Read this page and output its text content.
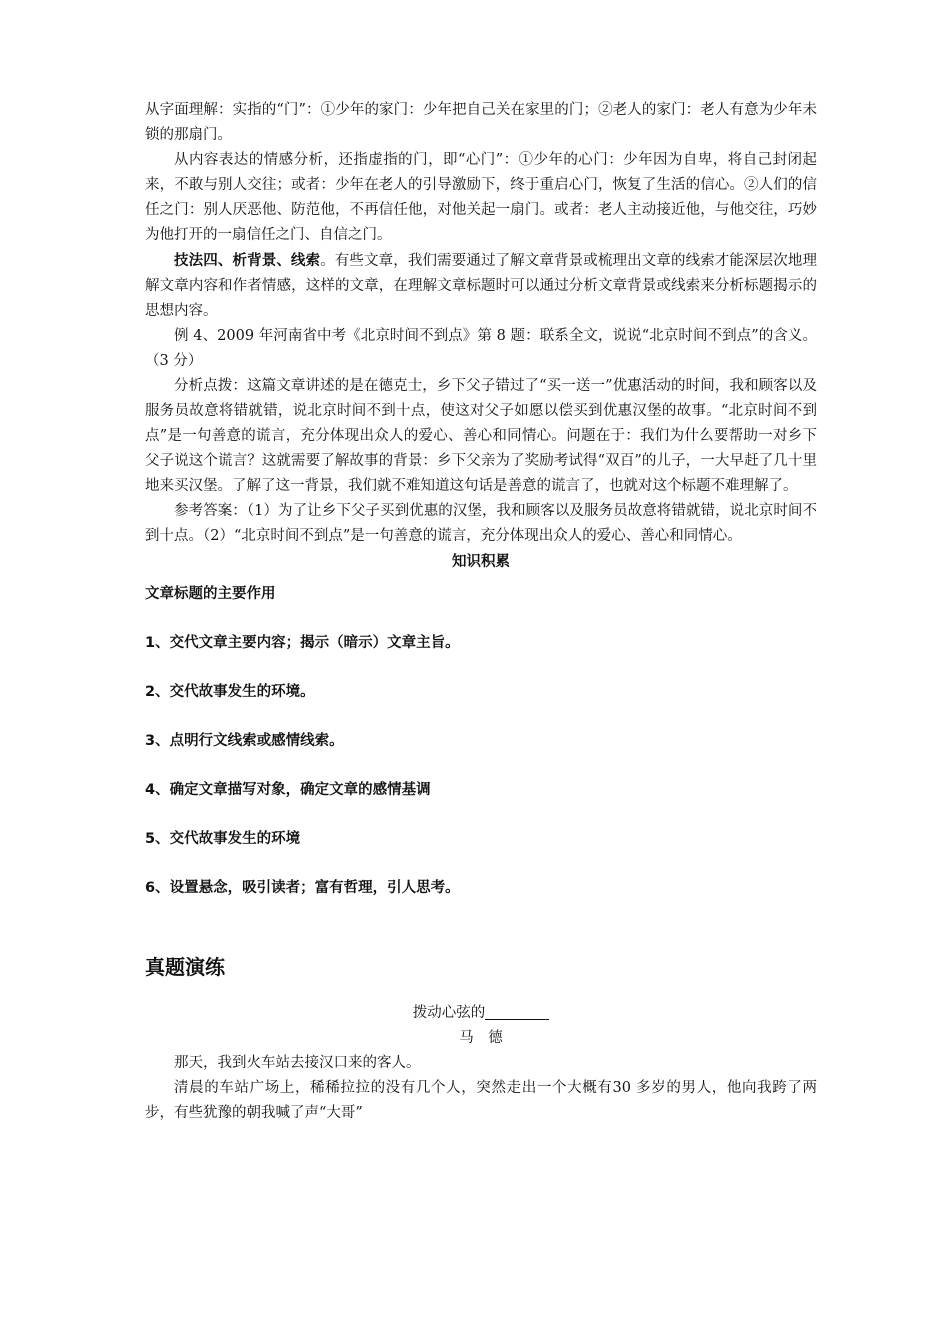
从字面理解：实指的“门”：①少年的家门：少年把自己关在家里的门；②老人的家门：老人有意为少年未锁的那扇门。

从内容表达的情感分析，还指虚指的门，即“心门”：①少年的心门：少年因为自卑，将自己封闭起来，不敢与别人交往；或者：少年在老人的引导激励下，终于重启心门，恢复了生活的信心。②人们的信任之门：别人厌恶他、防范他，不再信任他，对他关起一扇门。或者：老人主动接近他，与他交往，巧妙为他打开的一扇信任之门、自信之门。

技法四、析背景、线索。有些文章，我们需要通过了解文章背景或梳理出文章的线索才能深层次地理解文章内容和作者情感，这样的文章，在理解文章标题时可以通过分析文章背景或线索来分析标题揭示的思想内容。

例 4、2009 年河南省中考《北京时间不到点》第 8 题：联系全文，说说“北京时间不到点”的含义。（3 分）

分析点拨：这篇文章讲述的是在德克士，乡下父子错过了“买一送一”优惠活动的时间，我和顾客以及服务员故意将错就错，说北京时间不到十点，使这对父子如愿以偿买到优惠汉堡的故事。“北京时间不到点”是一句善意的谎言，充分体现出众人的爱心、善心和同情心。问题在于：我们为什么要帮助一对乡下父子说这个谎言？这就需要了解故事的背景：乡下父亲为了奖励考试得“双百”的儿子，一大早赶了几十里地来买汉堡。了解了这一背景，我们就不难知道这句话是善意的谎言了，也就对这个标题不难理解了。

参考答案：（1）为了让乡下父子买到优惠的汉堡，我和顾客以及服务员故意将错就错，说北京时间不到十点。（2）“北京时间不到点”是一句善意的谎言，充分体现出众人的爱心、善心和同情心。

知识积累

文章标题的主要作用

1、交代文章主要内容；揭示（暗示）文章主旨。

2、交代故事发生的环境。

3、点明行文线索或感情线索。

4、确定文章描写对象，确定文章的感情基调

5、交代故事发生的环境

6、设置悬念，吸引读者；富有哲理，引人思考。

真题演练

拨动心弦的

马　德

那天，我到火车站去接汉口来的客人。

清晨的车站广场上，稀稀拉拉的没有几个人，突然走出一个大概有30 多岁的男人，他向我跨了两步，有些犹豫的朝我喊了声“大哥”
